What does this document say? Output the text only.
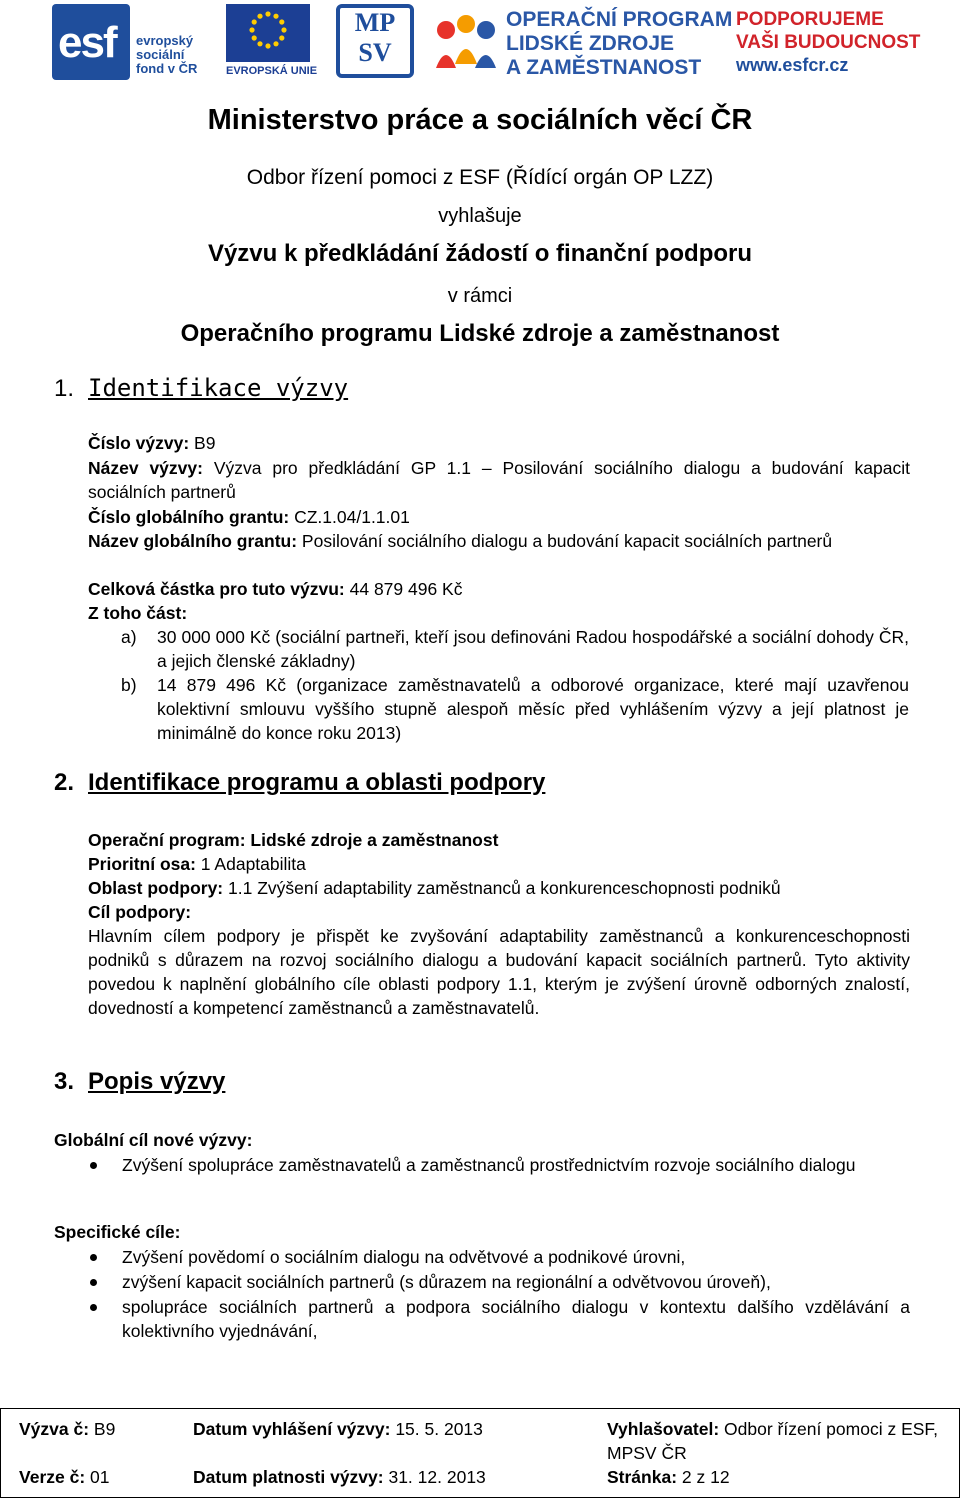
esf evropský
sociální
fond v ČR	EVROPSKÁ UNIE
MP
SV
OPERAČNÍ PROGRAM
LIDSKÉ ZDROJE
A ZAMĚSTNANOST
PODPORUJEME
VAŠI BUDOUCNOST
www.esfcr.cz
Ministerstvo práce a sociálních věcí ČR
Odbor řízení pomoci z ESF (Řídící orgán OP LZZ)
vyhlašuje
Výzvu k předkládání žádostí o finanční podporu
v rámci
Operačního programu Lidské zdroje a zaměstnanost
1. Identifikace výzvy
Číslo výzvy: B9
Název výzvy: Výzva pro předkládání GP 1.1 – Posilování sociálního dialogu a budování kapacit sociálních partnerů
Číslo globálního grantu: CZ.1.04/1.1.01
Název globálního grantu: Posilování sociálního dialogu a budování kapacit sociálních partnerů
Celková částka pro tuto výzvu: 44 879 496 Kč
Z toho část:
a) 30 000 000 Kč (sociální partneři, kteří jsou definováni Radou hospodářské a sociální dohody ČR, a jejich členské základny)
b) 14 879 496 Kč (organizace zaměstnavatelů a odborové organizace, které mají uzavřenou kolektivní smlouvu vyššího stupně alespoň měsíc před vyhlášením výzvy a její platnost je minimálně do konce roku 2013)
2. Identifikace programu a oblasti podpory
Operační program: Lidské zdroje a zaměstnanost
Prioritní osa: 1 Adaptabilita
Oblast podpory: 1.1 Zvýšení adaptability zaměstnanců a konkurenceschopnosti podniků
Cíl podpory:
Hlavním cílem podpory je přispět ke zvyšování adaptability zaměstnanců a konkurenceschopnosti podniků s důrazem na rozvoj sociálního dialogu a budování kapacit sociálních partnerů. Tyto aktivity povedou k naplnění globálního cíle oblasti podpory 1.1, kterým je zvýšení úrovně odborných znalostí, dovedností a kompetencí zaměstnanců a zaměstnavatelů.
3. Popis výzvy
Globální cíl nové výzvy:
Zvýšení spolupráce zaměstnavatelů a zaměstnanců prostřednictvím rozvoje sociálního dialogu
Specifické cíle:
Zvýšení povědomí o sociálním dialogu na odvětvové a podnikové úrovni,
zvýšení kapacit sociálních partnerů (s důrazem na regionální a odvětvovou úroveň),
spolupráce sociálních partnerů a podpora sociálního dialogu v kontextu dalšího vzdělávání a kolektivního vyjednávání,
Výzva č: B9	Datum vyhlášení výzvy: 15. 5. 2013	Vyhlašovatel: Odbor řízení pomoci z ESF, MPSV ČR
Verze č: 01	Datum platnosti výzvy: 31. 12. 2013	Stránka: 2 z 12
